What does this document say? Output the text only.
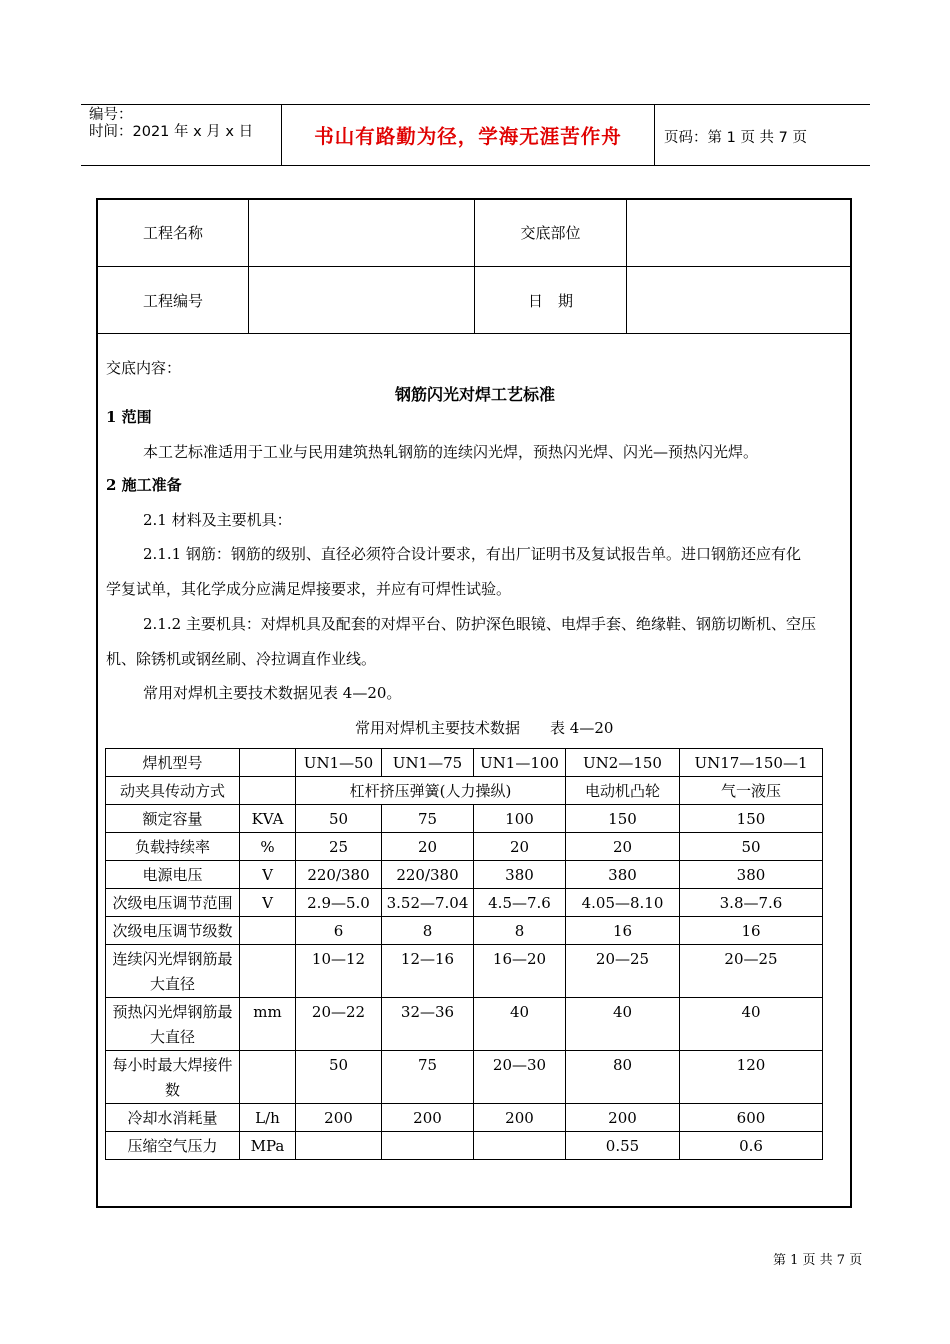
编号：
时间：2021 年 x 月 x 日	书山有路勤为径，学海无涯苦作舟	页码：第 1 页 共 7 页
工程名称	交底部位
工程编号	日　期
交底内容：
钢筋闪光对焊工艺标准
1 范围
本工艺标准适用于工业与民用建筑热轧钢筋的连续闪光焊，预热闪光焊、闪光—预热闪光焊。
2 施工准备
2.1 材料及主要机具：
2.1.1 钢筋：钢筋的级别、直径必须符合设计要求，有出厂证明书及复试报告单。进口钢筋还应有化
学复试单，其化学成分应满足焊接要求，并应有可焊性试验。
2.1.2 主要机具：对焊机具及配套的对焊平台、防护深色眼镜、电焊手套、绝缘鞋、钢筋切断机、空压
机、除锈机或钢丝刷、冷拉调直作业线。
常用对焊机主要技术数据见表 4—20。
常用对焊机主要技术数据　　表 4—20
焊机型号		UN1—50	UN1—75	UN1—100	UN2—150	UN17—150—1
动夹具传动方式		杠杆挤压弹簧(人力操纵)			电动机凸轮	气一液压
额定容量	KVA	50	75	100	150	150
负载持续率	%	25	20	20	20	50
电源电压	V	220/380	220/380	380	380	380
次级电压调节范围	V	2.9—5.0	3.52—7.04	4.5—7.6	4.05—8.10	3.8—7.6
次级电压调节级数		6	8	8	16	16
连续闪光焊钢筋最大直径		10—12	12—16	16—20	20—25	20—25
预热闪光焊钢筋最大直径	mm	20—22	32—36	40	40	40
每小时最大焊接件数		50	75	20—30	80	120
冷却水消耗量	L/h	200	200	200	200	600
压缩空气压力	MPa				0.55	0.6
第 1 页 共 7 页
